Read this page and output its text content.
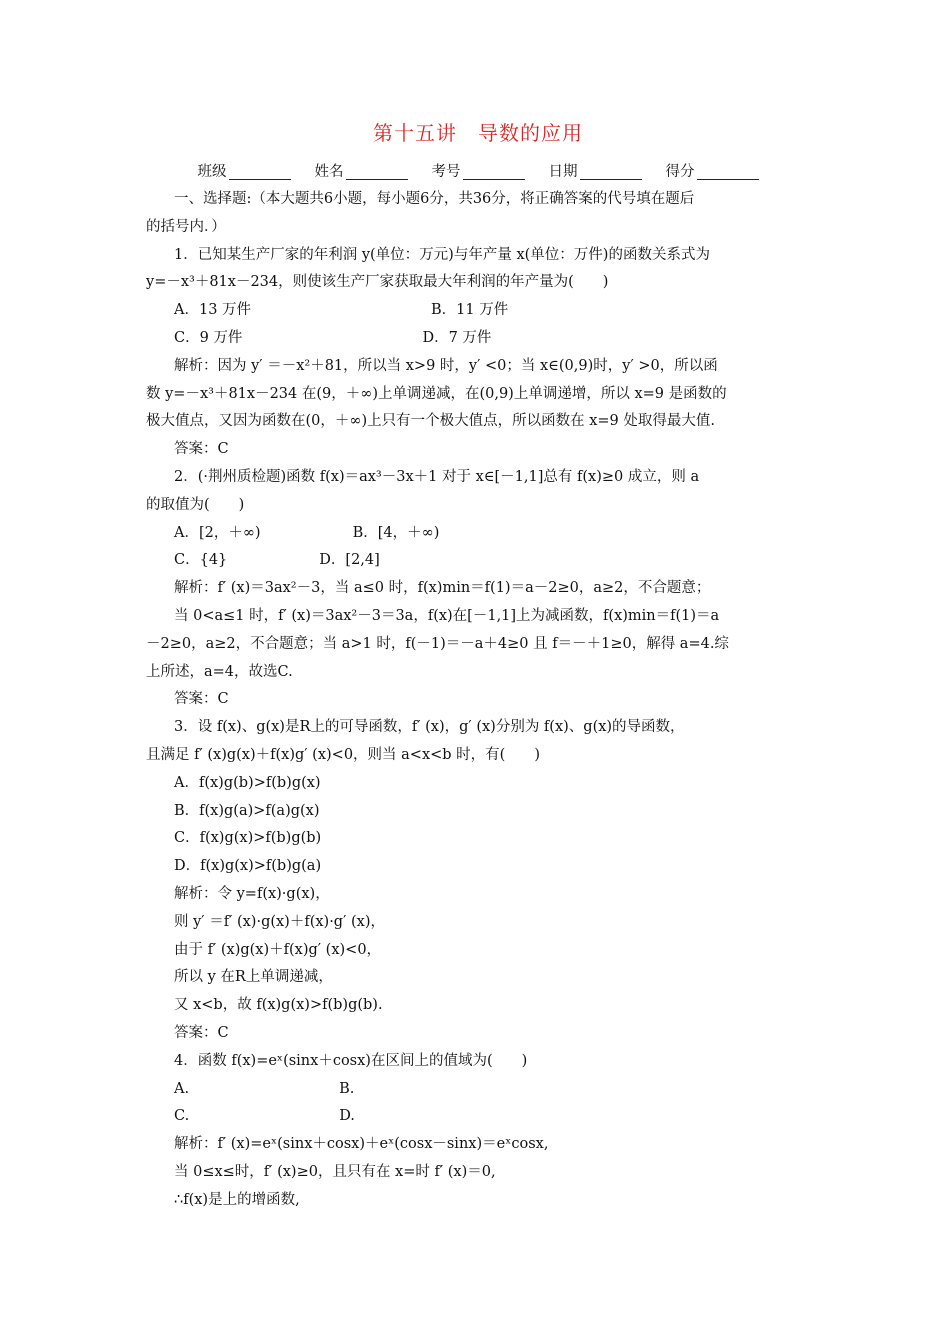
第十五讲　导数的应用
班级	姓名	考号	日期	得分
一、选择题:（本大题共6小题，每小题6分，共36分，将正确答案的代号填在题后
的括号内．）
1．已知某生产厂家的年利润 y(单位：万元)与年产量 x(单位：万件)的函数关系式为
y=－x³＋81x－234，则使该生产厂家获取最大年利润的年产量为(　　)
A．13 万件	B．11 万件
C．9 万件	D．7 万件
解析：因为 y′ ＝－x²＋81，所以当 x>9 时，y′ <0；当 x∈(0,9)时，y′ >0，所以函
数 y=－x³＋81x－234 在(9，＋∞)上单调递减，在(0,9)上单调递增，所以 x=9 是函数的
极大值点，又因为函数在(0，＋∞)上只有一个极大值点，所以函数在 x=9 处取得最大值.
答案：C
2．(·荆州质检题)函数 f(x)＝ax³－3x＋1 对于 x∈[－1,1]总有 f(x)≥0 成立，则 a
的取值为(　　)
A．[2，＋∞)	B．[4，＋∞)
C．{4}	D．[2,4]
解析：f′ (x)＝3ax²－3，当 a≤0 时，f(x)min＝f(1)＝a－2≥0，a≥2，不合题意；
当 0<a≤1 时，f′ (x)＝3ax²－3＝3a，f(x)在[－1,1]上为减函数，f(x)min＝f(1)＝a
－2≥0，a≥2，不合题意；当 a>1 时，f(－1)＝－a＋4≥0 且 f＝－＋1≥0，解得 a=4.综
上所述，a=4，故选C.
答案：C
3．设 f(x)、g(x)是R上的可导函数，f′ (x)，g′ (x)分别为 f(x)、g(x)的导函数，
且满足 f′ (x)g(x)＋f(x)g′ (x)<0，则当 a<x<b 时，有(　　)
A．f(x)g(b)>f(b)g(x)
B．f(x)g(a)>f(a)g(x)
C．f(x)g(x)>f(b)g(b)
D．f(x)g(x)>f(b)g(a)
解析：令 y=f(x)·g(x)，
则 y′ ＝f′ (x)·g(x)＋f(x)·g′ (x)，
由于 f′ (x)g(x)＋f(x)g′ (x)<0，
所以 y 在R上单调递减，
又 x<b，故 f(x)g(x)>f(b)g(b).
答案：C
4．函数 f(x)=eˣ(sinx＋cosx)在区间上的值域为(　　)
A.	B.
C.	D.
解析：f′ (x)=eˣ(sinx＋cosx)＋eˣ(cosx－sinx)＝eˣcosx,
当 0≤x≤时，f′ (x)≥0，且只有在 x=时 f′ (x)＝0,
∴f(x)是上的增函数,
